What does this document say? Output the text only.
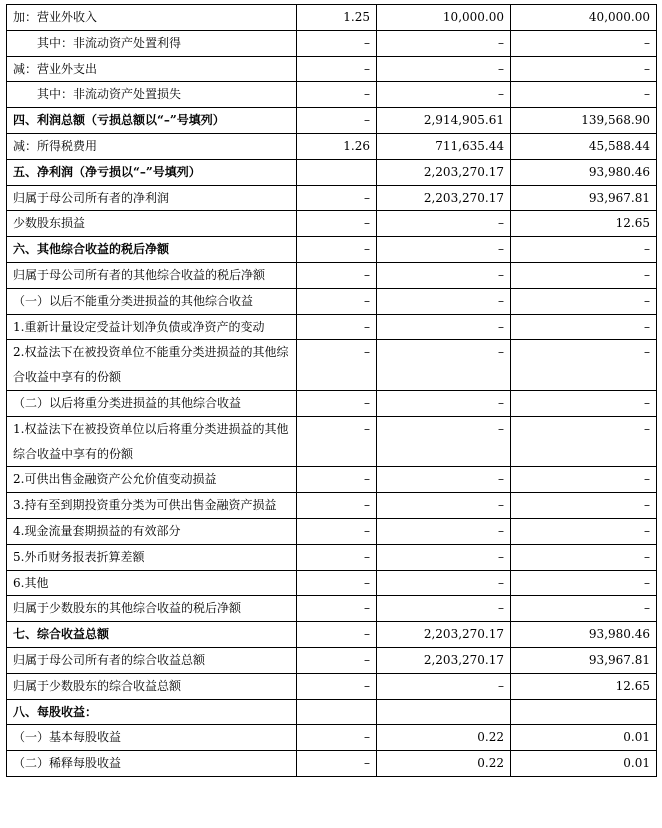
加：营业外收入	1.25	10,000.00	40,000.00
其中：非流动资产处置利得	–	–	–
减：营业外支出	–	–	–
其中：非流动资产处置损失	–	–	–
四、利润总额（亏损总额以“–”号填列）	–	2,914,905.61	139,568.90
减：所得税费用	1.26	711,635.44	45,588.44
五、净利润（净亏损以“–”号填列）		2,203,270.17	93,980.46
归属于母公司所有者的净利润	–	2,203,270.17	93,967.81
少数股东损益	–	–	12.65
六、其他综合收益的税后净额	–	–	–
归属于母公司所有者的其他综合收益的税后净额	–	–	–
（一）以后不能重分类进损益的其他综合收益	–	–	–
1.重新计量设定受益计划净负债或净资产的变动	–	–	–
2.权益法下在被投资单位不能重分类进损益的其他综合收益中享有的份额	–	–	–
（二）以后将重分类进损益的其他综合收益	–	–	–
1.权益法下在被投资单位以后将重分类进损益的其他综合收益中享有的份额	–	–	–
2.可供出售金融资产公允价值变动损益	–	–	–
3.持有至到期投资重分类为可供出售金融资产损益	–	–	–
4.现金流量套期损益的有效部分	–	–	–
5.外币财务报表折算差额	–	–	–
6.其他	–	–	–
归属于少数股东的其他综合收益的税后净额	–	–	–
七、综合收益总额	–	2,203,270.17	93,980.46
归属于母公司所有者的综合收益总额	–	2,203,270.17	93,967.81
归属于少数股东的综合收益总额	–	–	12.65
八、每股收益：			
（一）基本每股收益	–	0.22	0.01
（二）稀释每股收益	–	0.22	0.01
